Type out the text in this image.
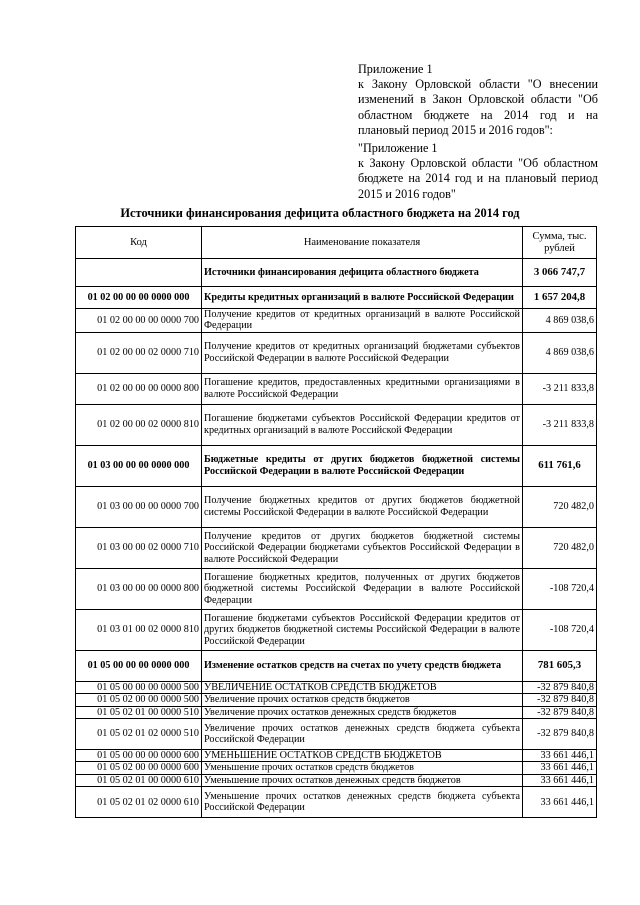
Приложение 1

к Закону Орловской области "О внесении изменений в Закон Орловской области "Об областном бюджете на 2014 год и на плановый период 2015 и 2016 годов":

"Приложение 1

к Закону Орловской области "Об областном бюджете на 2014 год и на плановый период 2015 и 2016 годов"

Источники финансирования дефицита областного бюджета на 2014 год
Код	Наименование показателя	Сумма, тыс. рублей
	Источники финансирования дефицита областного бюджета	3 066 747,7
01 02 00 00 00 0000 000	Кредиты кредитных организаций в валюте Российской Федерации	1 657 204,8
01 02 00 00 00 0000 700	Получение кредитов от кредитных организаций в валюте Российской Федерации	4 869 038,6
01 02 00 00 02 0000 710	Получение кредитов от кредитных организаций бюджетами субъектов Российской Федерации в валюте Российской Федерации	4 869 038,6
01 02 00 00 00 0000 800	Погашение кредитов, предоставленных кредитными организациями в валюте Российской Федерации	-3 211 833,8
01 02 00 00 02 0000 810	Погашение бюджетами субъектов Российской Федерации кредитов от кредитных организаций в валюте Российской Федерации	-3 211 833,8
01 03 00 00 00 0000 000	Бюджетные кредиты от других бюджетов бюджетной системы Российской Федерации в валюте Российской Федерации	611 761,6
01 03 00 00 00 0000 700	Получение бюджетных кредитов от других бюджетов бюджетной системы Российской Федерации в валюте Российской Федерации	720 482,0
01 03 00 00 02 0000 710	Получение кредитов от других бюджетов бюджетной системы Российской Федерации бюджетами субъектов Российской Федерации в валюте Российской Федерации	720 482,0
01 03 00 00 00 0000 800	Погашение бюджетных кредитов, полученных от других бюджетов бюджетной системы Российской Федерации в валюте Российской Федерации	-108 720,4
01 03 01 00 02 0000 810	Погашение бюджетами субъектов Российской Федерации кредитов от других бюджетов бюджетной системы Российской Федерации в валюте Российской Федерации	-108 720,4
01 05 00 00 00 0000 000	Изменение остатков средств на счетах по учету средств бюджета	781 605,3
01 05 00 00 00 0000 500	УВЕЛИЧЕНИЕ ОСТАТКОВ СРЕДСТВ БЮДЖЕТОВ	-32 879 840,8
01 05 02 00 00 0000 500	Увеличение прочих остатков средств бюджетов	-32 879 840,8
01 05 02 01 00 0000 510	Увеличение прочих остатков денежных средств бюджетов	-32 879 840,8
01 05 02 01 02 0000 510	Увеличение прочих остатков денежных средств бюджета субъекта Российской Федерации	-32 879 840,8
01 05 00 00 00 0000 600	УМЕНЬШЕНИЕ ОСТАТКОВ СРЕДСТВ БЮДЖЕТОВ	33 661 446,1
01 05 02 00 00 0000 600	Уменьшение прочих остатков средств бюджетов	33 661 446,1
01 05 02 01 00 0000 610	Уменьшение прочих остатков денежных средств бюджетов	33 661 446,1
01 05 02 01 02 0000 610	Уменьшение прочих остатков денежных средств бюджета субъекта Российской Федерации	33 661 446,1
